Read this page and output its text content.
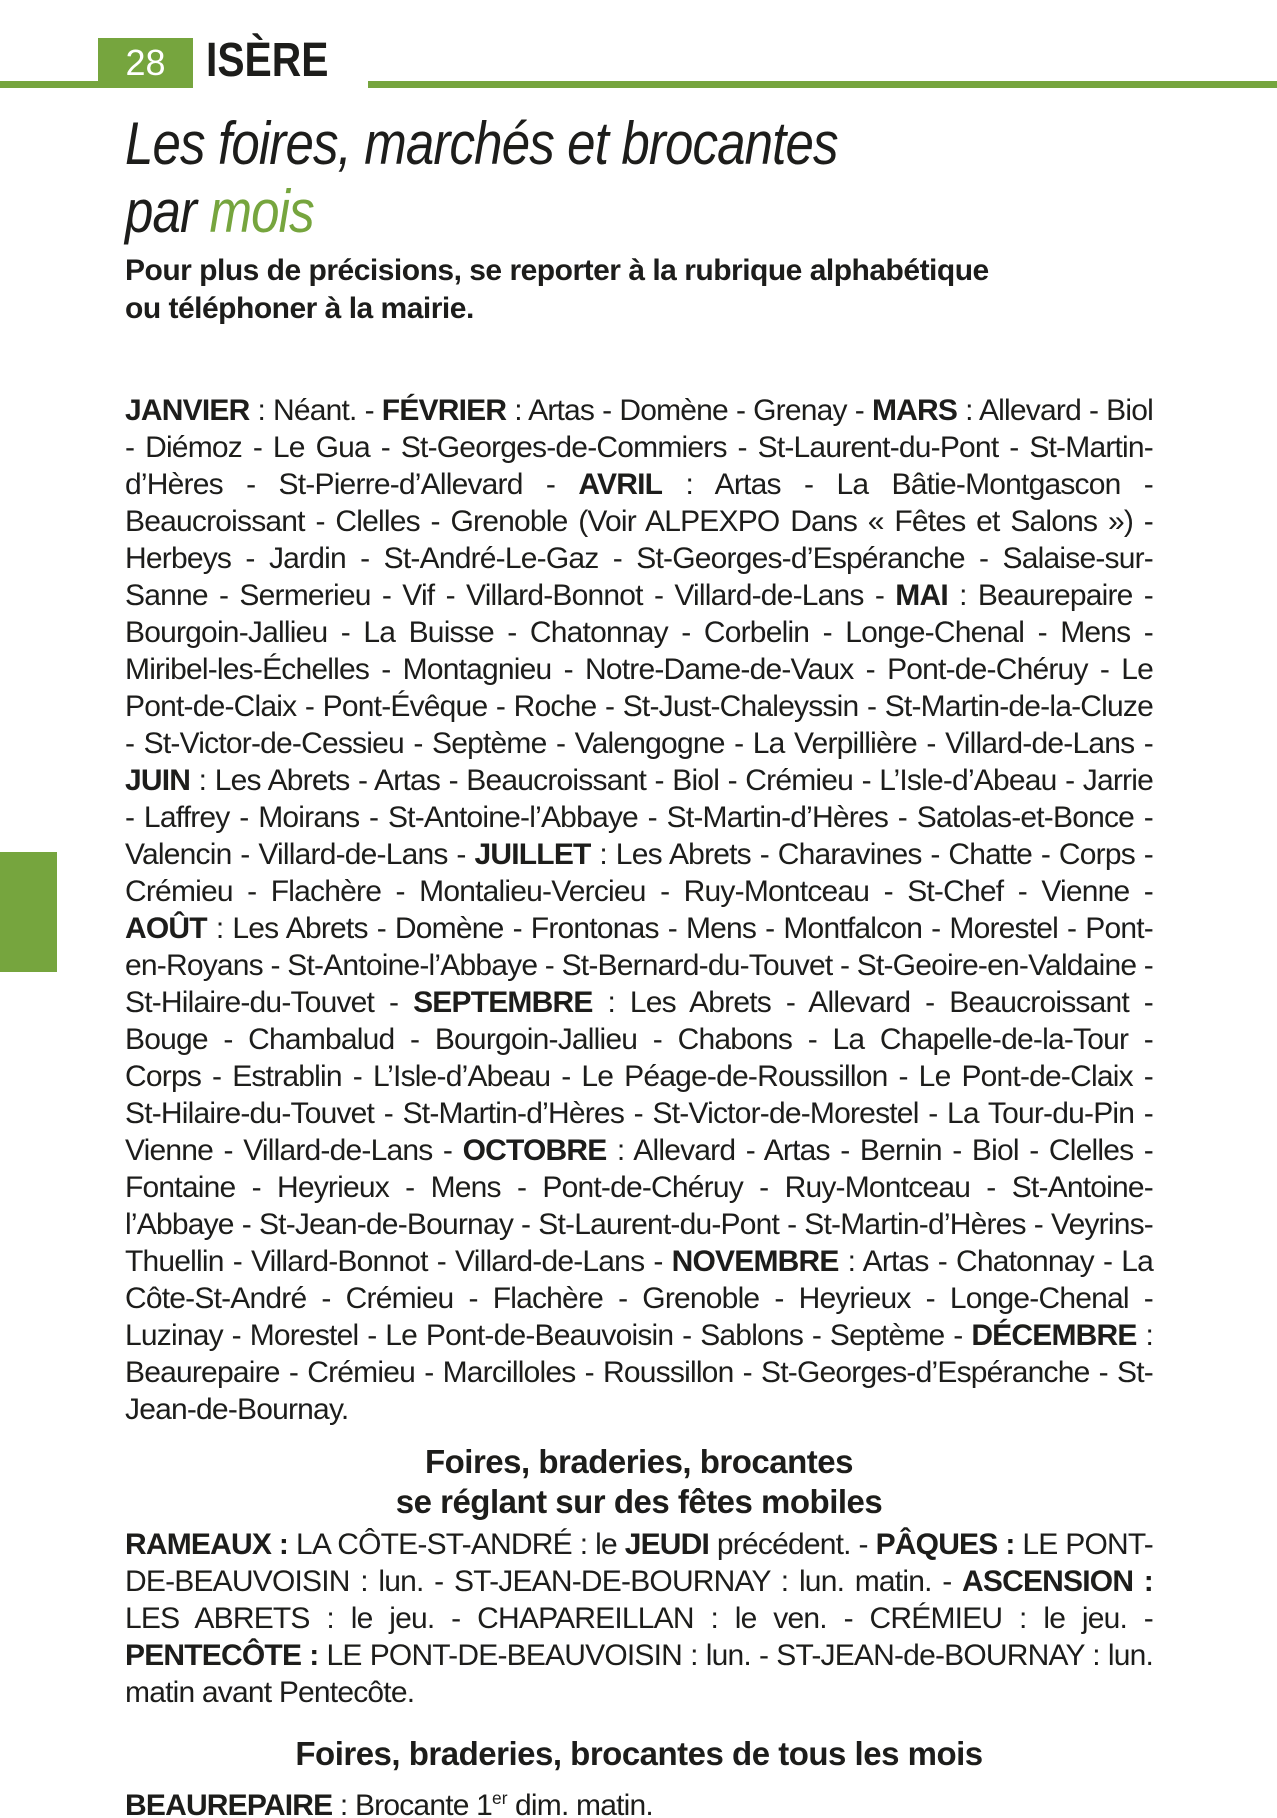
28 ISÈRE
Les foires, marchés et brocantes
par mois
Pour plus de précisions, se reporter à la rubrique alphabétique
ou téléphoner à la mairie.
JANVIER : Néant. - FÉVRIER : Artas - Domène - Grenay - MARS : Allevard - Biol - Diémoz - Le Gua - St-Georges-de-Commiers - St-Laurent-du-Pont - St-Martin-d’Hères - St-Pierre-d’Allevard - AVRIL : Artas - La Bâtie-Montgascon - Beaucroissant - Clelles - Grenoble (Voir ALPEXPO Dans « Fêtes et Salons ») - Herbeys - Jardin - St-André-Le-Gaz - St-Georges-d’Espéranche - Salaise-sur-Sanne - Sermerieu - Vif - Villard-Bonnot - Villard-de-Lans - MAI : Beaurepaire - Bourgoin-Jallieu - La Buisse - Chatonnay - Corbelin - Longe-Chenal - Mens - Miribel-les-Échelles - Montagnieu - Notre-Dame-de-Vaux - Pont-de-Chéruy - Le Pont-de-Claix - Pont-Évêque - Roche - St-Just-Chaleyssin - St-Martin-de-la-Cluze - St-Victor-de-Cessieu - Septème - Valengogne - La Verpillière - Villard-de-Lans - JUIN : Les Abrets - Artas - Beaucroissant - Biol - Crémieu - L’Isle-d’Abeau - Jarrie - Laffrey - Moirans - St-Antoine-l’Abbaye - St-Martin-d’Hères - Satolas-et-Bonce - Valencin - Villard-de-Lans - JUILLET : Les Abrets - Charavines - Chatte - Corps - Crémieu - Flachère - Montalieu-Vercieu - Ruy-Montceau - St-Chef - Vienne - AOÛT : Les Abrets - Domène - Frontonas - Mens - Montfalcon - Morestel - Pont-en-Royans - St-Antoine-l’Abbaye - St-Bernard-du-Touvet - St-Geoire-en-Valdaine - St-Hilaire-du-Touvet - SEPTEMBRE : Les Abrets - Allevard - Beaucroissant - Bouge - Chambalud - Bourgoin-Jallieu - Chabons - La Chapelle-de-la-Tour - Corps - Estrablin - L’Isle-d’Abeau - Le Péage-de-Roussillon - Le Pont-de-Claix - St-Hilaire-du-Touvet - St-Martin-d’Hères - St-Victor-de-Morestel - La Tour-du-Pin - Vienne - Villard-de-Lans - OCTOBRE : Allevard - Artas - Bernin - Biol - Clelles - Fontaine - Heyrieux - Mens - Pont-de-Chéruy - Ruy-Montceau - St-Antoine-l’Abbaye - St-Jean-de-Bournay - St-Laurent-du-Pont - St-Martin-d’Hères - Veyrins-Thuellin - Villard-Bonnot - Villard-de-Lans - NOVEMBRE : Artas - Chatonnay - La Côte-St-André - Crémieu - Flachère - Grenoble - Heyrieux - Longe-Chenal - Luzinay - Morestel - Le Pont-de-Beauvoisin - Sablons - Septème - DÉCEMBRE : Beaurepaire - Crémieu - Marcilloles - Roussillon - St-Georges-d’Espéranche - St-Jean-de-Bournay.
Foires, braderies, brocantes
se réglant sur des fêtes mobiles
RAMEAUX : LA CÔTE-ST-ANDRÉ : le JEUDI précédent. - PÂQUES : LE PONT-DE-BEAUVOISIN : lun. - ST-JEAN-DE-BOURNAY : lun. matin. - ASCENSION : LES ABRETS : le jeu. - CHAPAREILLAN : le ven. - CRÉMIEU : le jeu. - PENTECÔTE : LE PONT-DE-BEAUVOISIN : lun. - ST-JEAN-de-BOURNAY : lun. matin avant Pentecôte.
Foires, braderies, brocantes de tous les mois
BEAUREPAIRE : Brocante 1er dim. matin.
